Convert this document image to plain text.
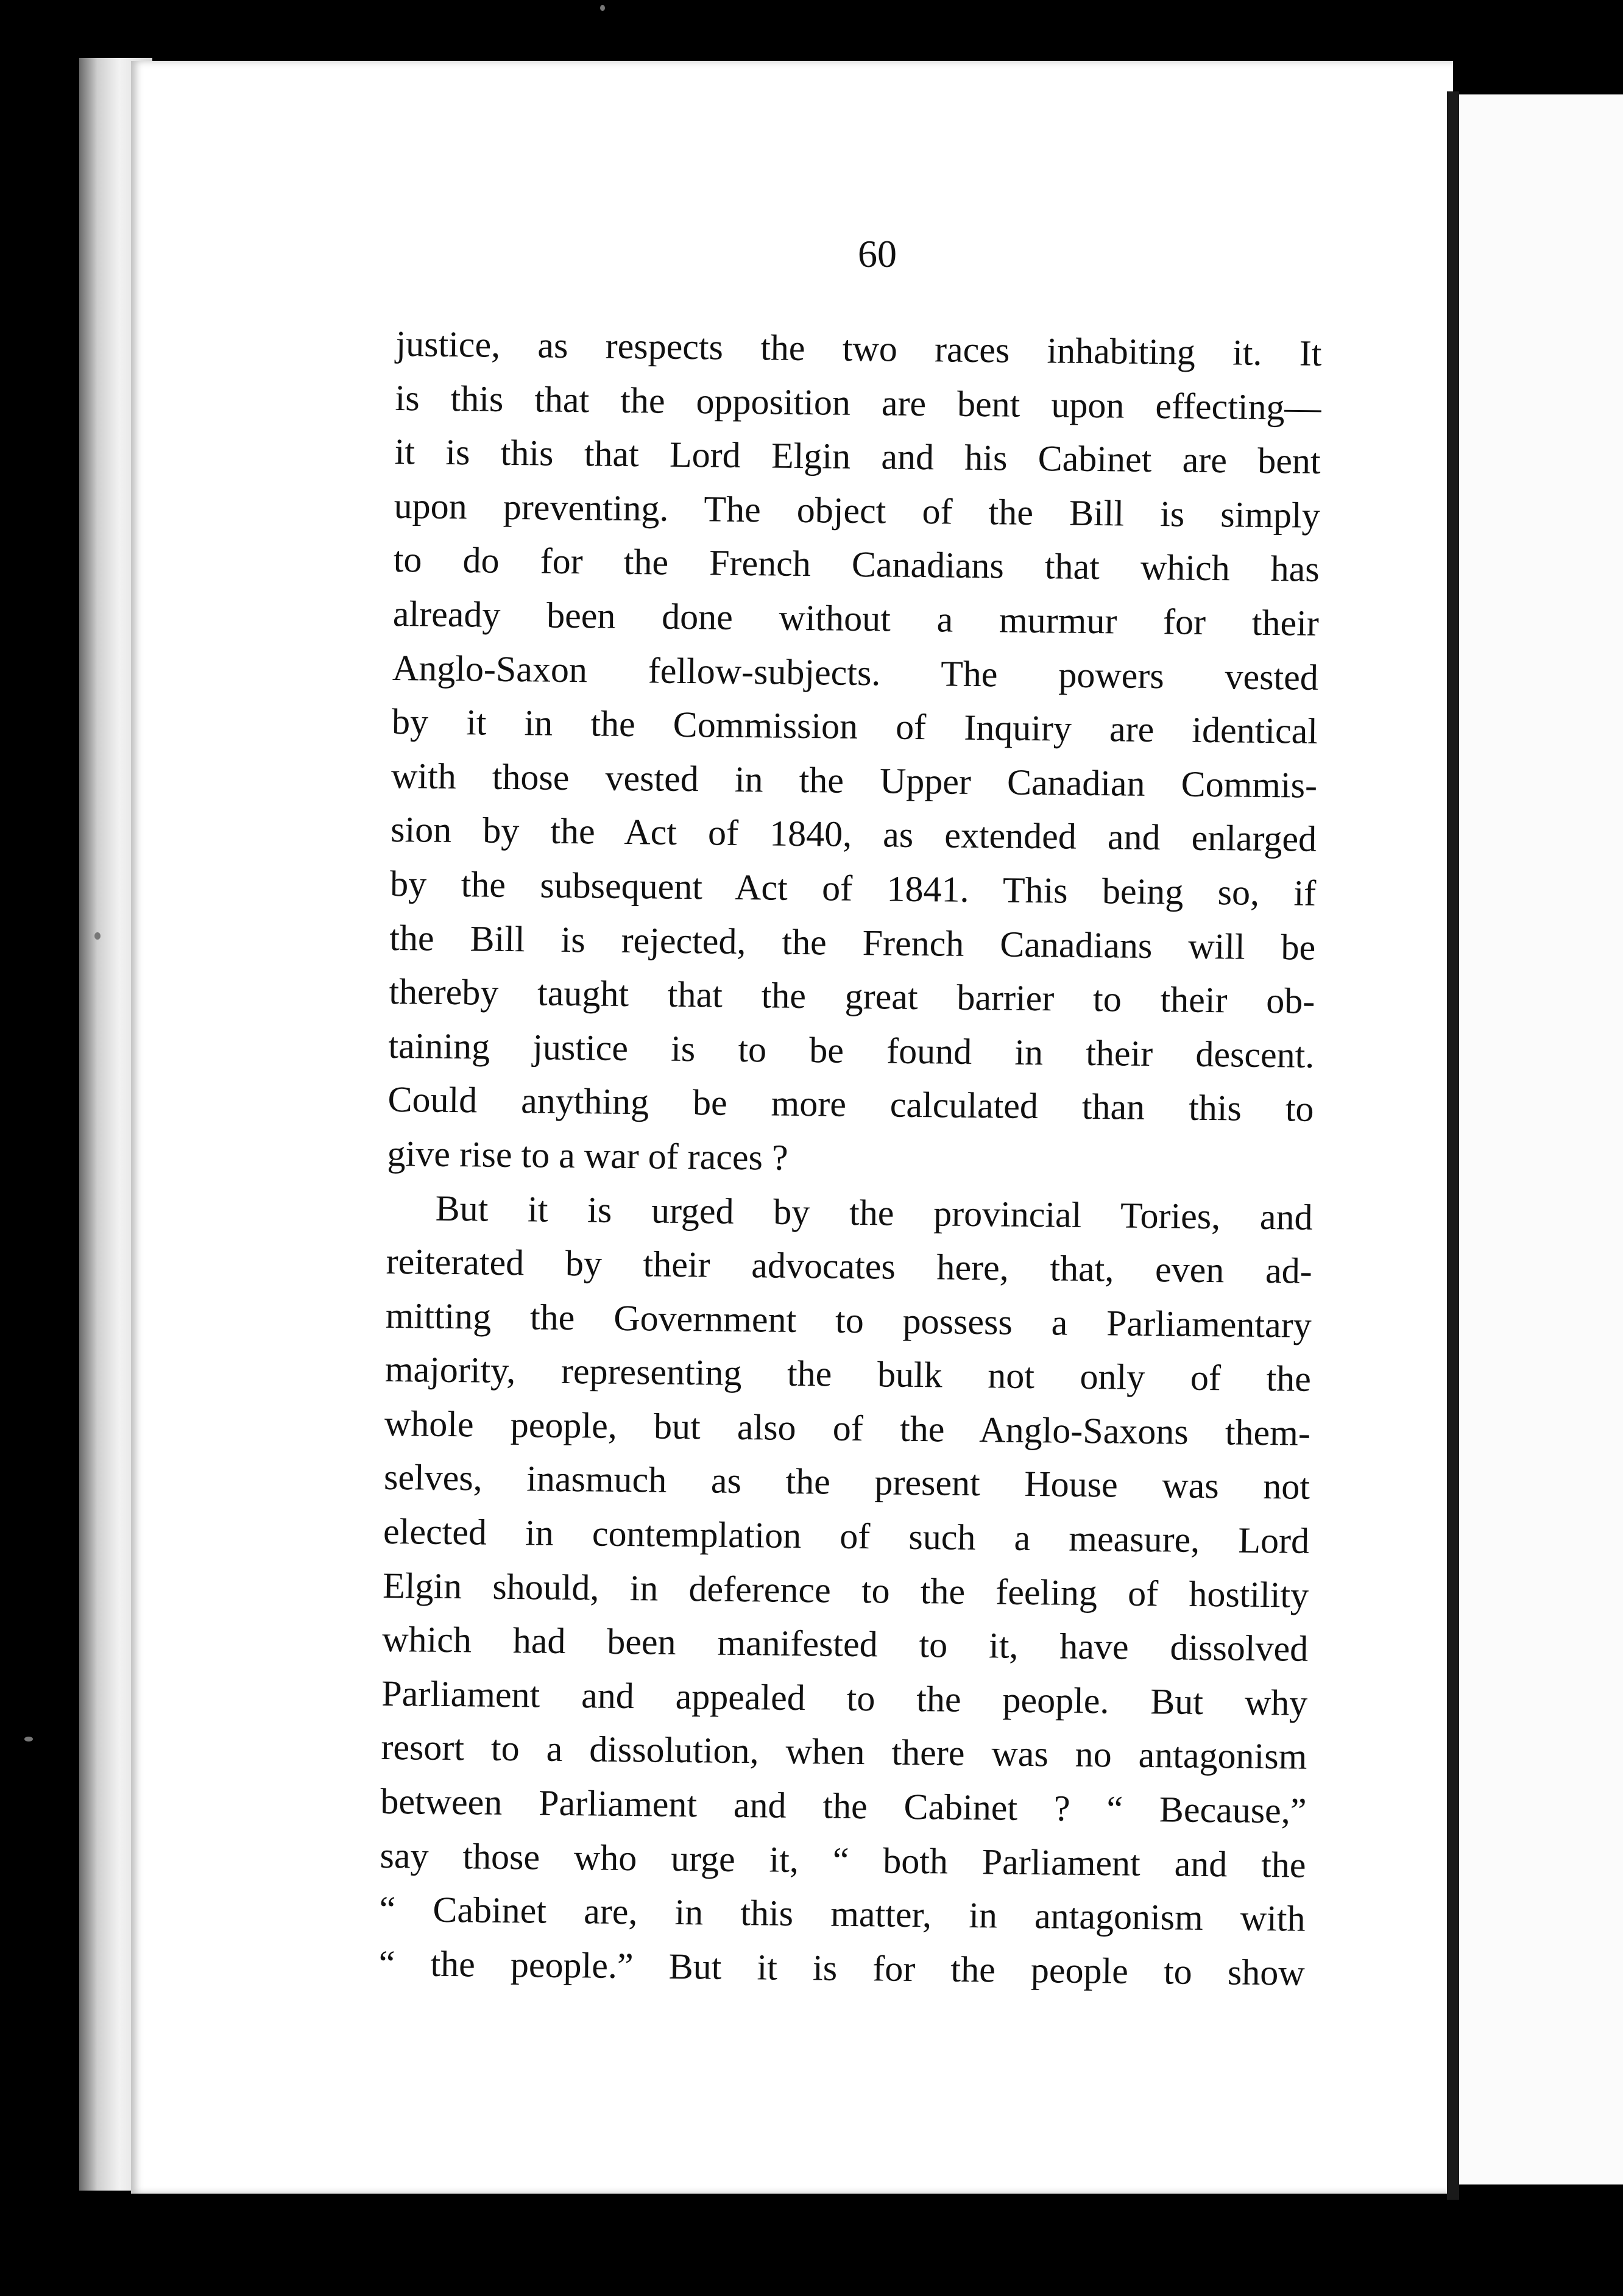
60
justice, as respects the two races inhabiting it. It
is this that the opposition are bent upon effecting—
it is this that Lord Elgin and his Cabinet are bent
upon preventing. The object of the Bill is simply
to do for the French Canadians that which has
already been done without a murmur for their
Anglo-Saxon fellow-subjects. The powers vested
by it in the Commission of Inquiry are identical
with those vested in the Upper Canadian Commis-
sion by the Act of 1840, as extended and enlarged
by the subsequent Act of 1841. This being so, if
the Bill is rejected, the French Canadians will be
thereby taught that the great barrier to their ob-
taining justice is to be found in their descent.
Could anything be more calculated than this to
give rise to a war of races ?
But it is urged by the provincial Tories, and
reiterated by their advocates here, that, even ad-
mitting the Government to possess a Parliamentary
majority, representing the bulk not only of the
whole people, but also of the Anglo-Saxons them-
selves, inasmuch as the present House was not
elected in contemplation of such a measure, Lord
Elgin should, in deference to the feeling of hostility
which had been manifested to it, have dissolved
Parliament and appealed to the people. But why
resort to a dissolution, when there was no antagonism
between Parliament and the Cabinet ? “ Because,”
say those who urge it, “ both Parliament and the
“ Cabinet are, in this matter, in antagonism with
“ the people.” But it is for the people to show
